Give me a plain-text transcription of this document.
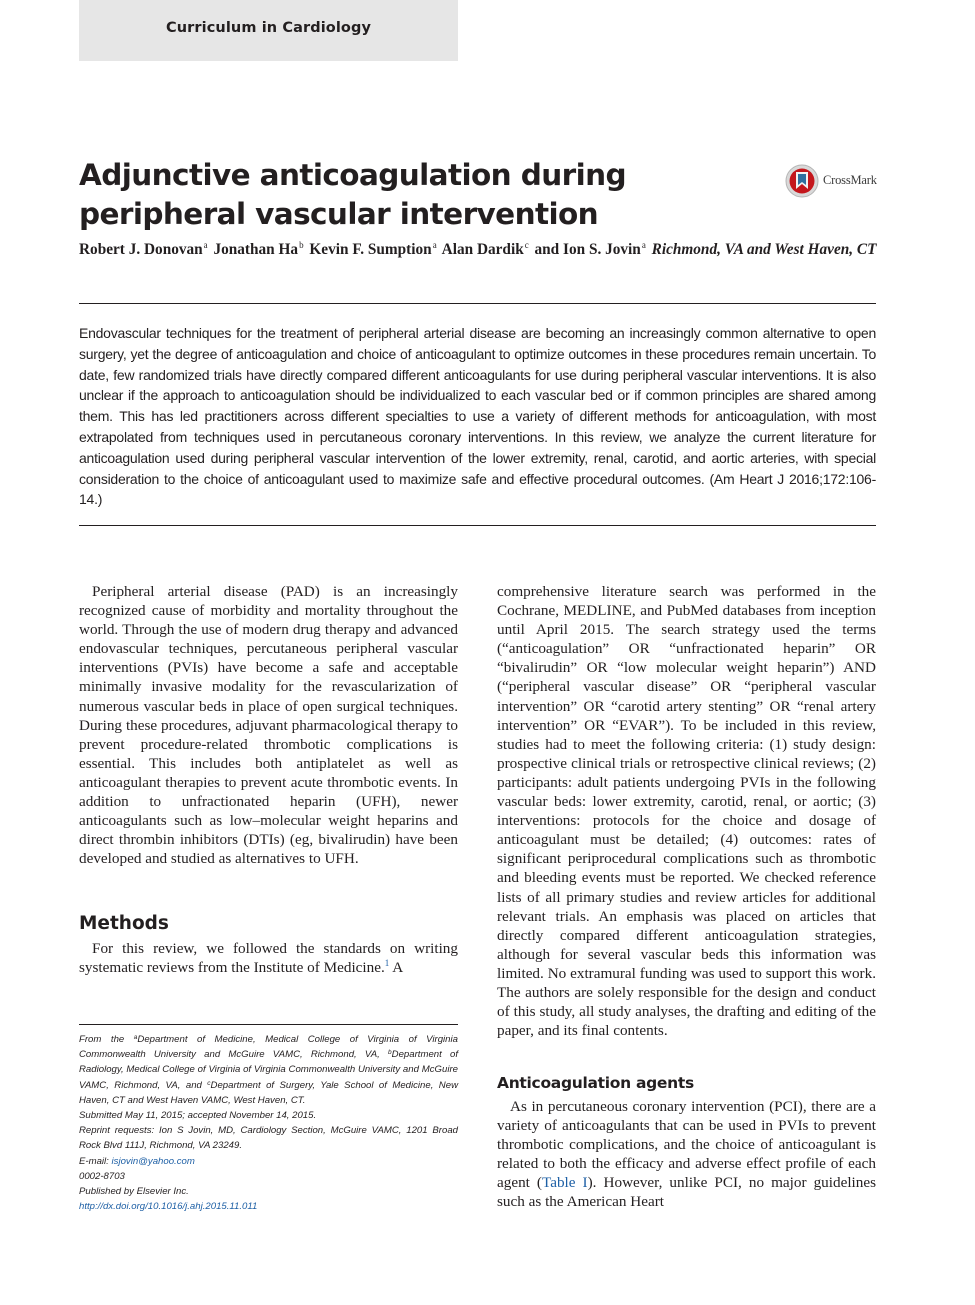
Curriculum in Cardiology
Adjunctive anticoagulation during peripheral vascular intervention
CrossMark

Robert J. Donovan$^a$ Jonathan Ha$^b$ Kevin F. Sumption$^a$ Alan Dardik$^c$ and Ion S. Jovin$^a$ Richmond, VA and West Haven, CT

Endovascular techniques for the treatment of peripheral arterial disease are becoming an increasingly common alternative to open surgery, yet the degree of anticoagulation and choice of anticoagulant to optimize outcomes in these procedures remain uncertain. To date, few randomized trials have directly compared different anticoagulants for use during peripheral vascular interventions. It is also unclear if the approach to anticoagulation should be individualized to each vascular bed or if common principles are shared among them. This has led practitioners across different specialties to use a variety of different methods for anticoagulation, with most extrapolated from techniques used in percutaneous coronary interventions. In this review, we analyze the current literature for anticoagulation used during peripheral vascular intervention of the lower extremity, renal, carotid, and aortic arteries, with special consideration to the choice of anticoagulant used to maximize safe and effective procedural outcomes. (Am Heart J 2016;172:106-14.)

Peripheral arterial disease (PAD) is an increasingly recognized cause of morbidity and mortality throughout the world. Through the use of modern drug therapy and advanced endovascular techniques, percutaneous peripheral vascular interventions (PVIs) have become a safe and acceptable minimally invasive modality for the revascularization of numerous vascular beds in place of open surgical techniques. During these procedures, adjuvant pharmacological therapy to prevent procedure-related thrombotic complications is essential. This includes both antiplatelet as well as anticoagulant therapies to prevent acute thrombotic events. In addition to unfractionated heparin (UFH), newer anticoagulants such as low–molecular weight heparins and direct thrombin inhibitors (DTIs) (eg, bivalirudin) have been developed and studied as alternatives to UFH.

Methods

For this review, we followed the standards on writing systematic reviews from the Institute of Medicine.$^1$ A

comprehensive literature search was performed in the Cochrane, MEDLINE, and PubMed databases from inception until April 2015. The search strategy used the terms (“anticoagulation” OR “unfractionated heparin” OR “bivalirudin” OR “low molecular weight heparin”) AND (“peripheral vascular disease” OR “peripheral vascular intervention” OR “carotid artery stenting” OR “renal artery intervention” OR “EVAR”). To be included in this review, studies had to meet the following criteria: (1) study design: prospective clinical trials or retrospective clinical reviews; (2) participants: adult patients undergoing PVIs in the following vascular beds: lower extremity, carotid, renal, or aortic; (3) interventions: protocols for the choice and dosage of anticoagulant must be detailed; (4) outcomes: rates of significant periprocedural complications such as thrombotic and bleeding events must be reported. We checked reference lists of all primary studies and review articles for additional relevant trials. An emphasis was placed on articles that directly compared different anticoagulation strategies, although for several vascular beds this information was limited. No extramural funding was used to support this work. The authors are solely responsible for the design and conduct of this study, all study analyses, the drafting and editing of the paper, and its final contents.

Anticoagulation agents

As in percutaneous coronary intervention (PCI), there are a variety of anticoagulants that can be used in PVIs to prevent thrombotic complications, and the choice of anticoagulant is related to both the efficacy and adverse effect profile of each agent (Table I). However, unlike PCI, no major guidelines such as the American Heart

From the $^a$Department of Medicine, Medical College of Virginia of Virginia Commonwealth University and McGuire VAMC, Richmond, VA, $^b$Department of Radiology, Medical College of Virginia of Virginia Commonwealth University and McGuire VAMC, Richmond, VA, and $^c$Department of Surgery, Yale School of Medicine, New Haven, CT and West Haven VAMC, West Haven, CT.
Submitted May 11, 2015; accepted November 14, 2015.
Reprint requests: Ion S Jovin, MD, Cardiology Section, McGuire VAMC, 1201 Broad Rock Blvd 111J, Richmond, VA 23249.
E-mail: isjovin@yahoo.com
0002-8703
Published by Elsevier Inc.
http://dx.doi.org/10.1016/j.ahj.2015.11.011
